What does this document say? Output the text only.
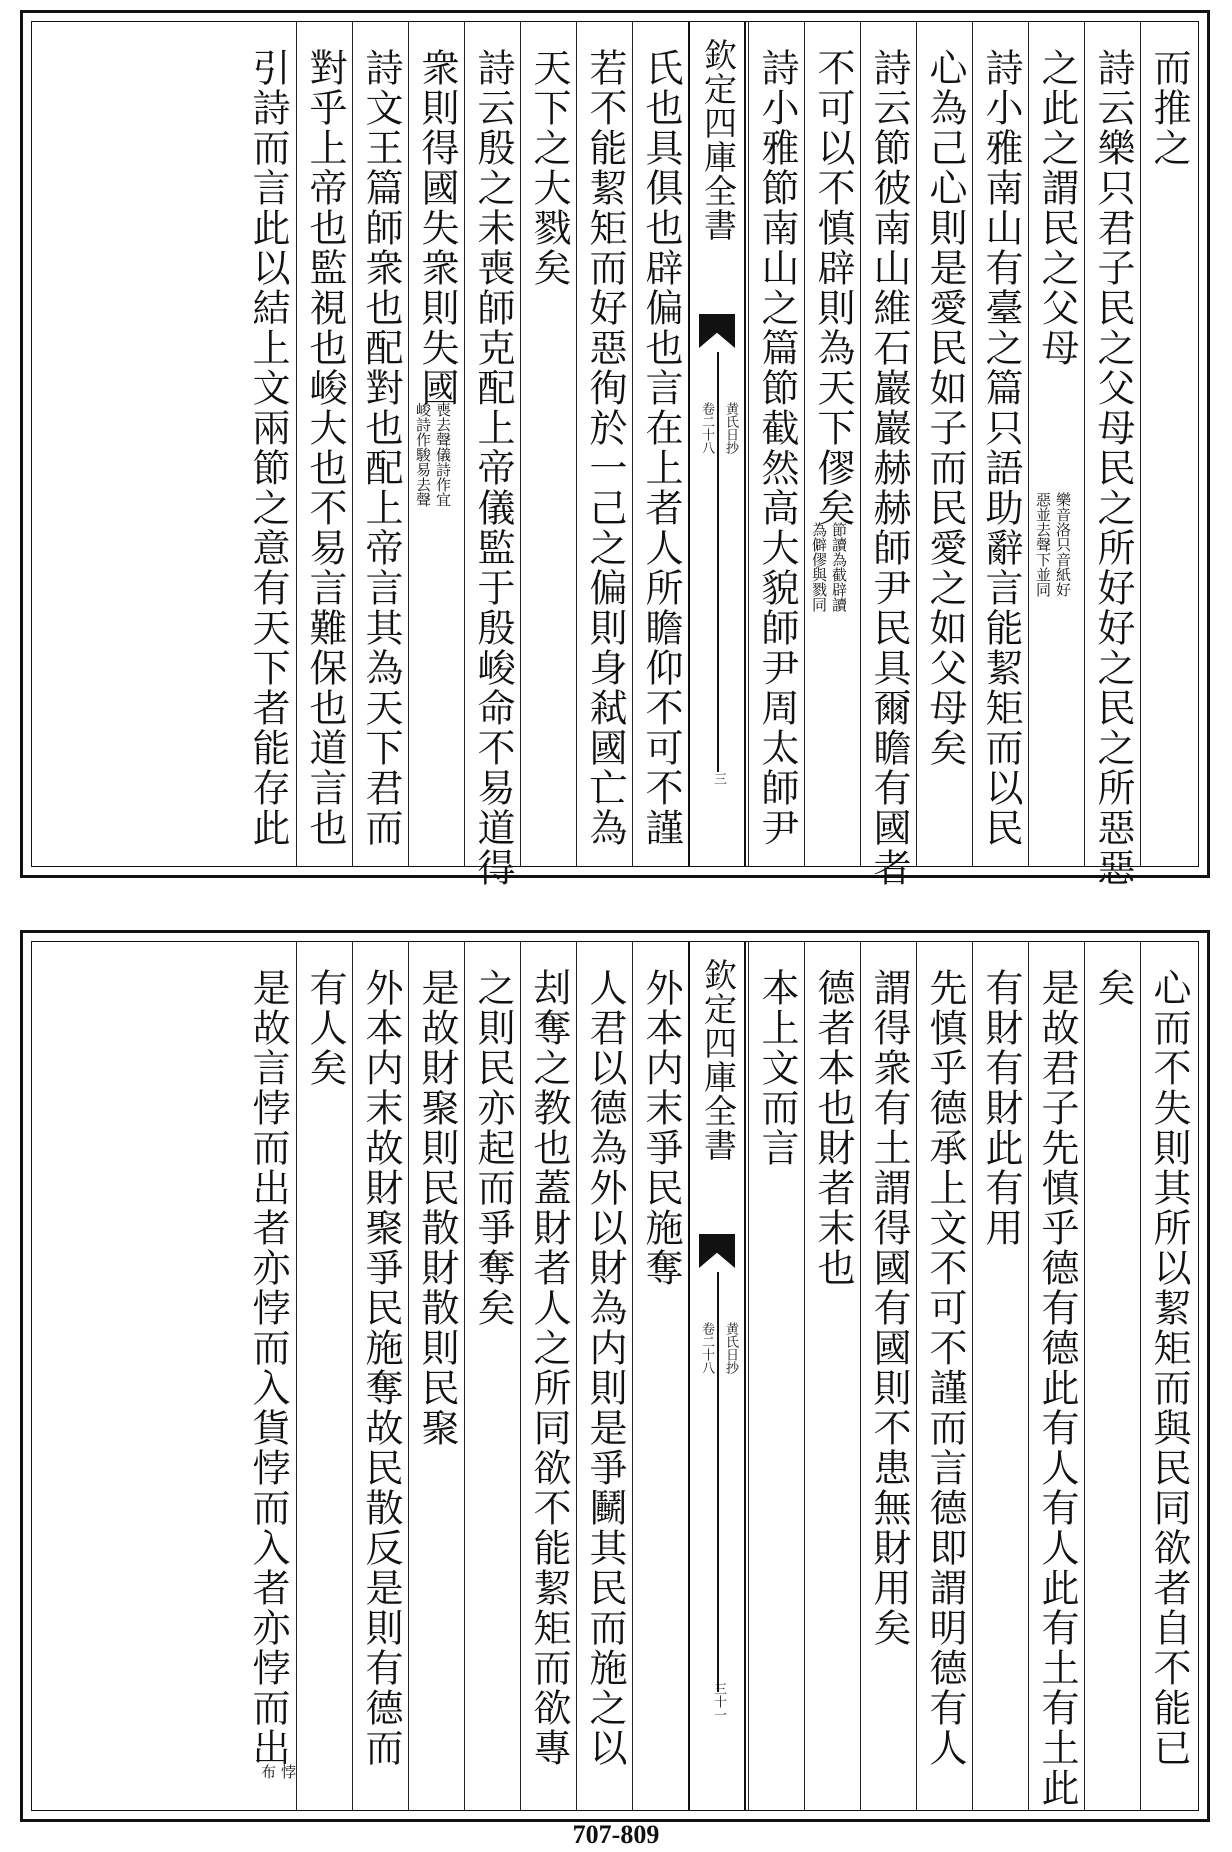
而推之
詩云樂只君子民之父母民之所好好之民之所惡惡
之此之謂民之父母
樂音洛只音紙好
惡並去聲下並同
詩小雅南山有臺之篇只語助辭言能絜矩而以民
心為己心則是愛民如子而民愛之如父母矣
詩云節彼南山維石巖巖赫赫師尹民具爾瞻有國者
不可以不慎辟則為天下僇矣
節讀為截辟讀
為僻僇與戮同
詩小雅節南山之篇節截然高大貌師尹周太師尹
欽定四庫全書
黄氏日抄
卷二十八
三
氏也具俱也辟偏也言在上者人所瞻仰不可不謹
若不能絜矩而好惡徇於一己之偏則身弒國亡為
天下之大戮矣
詩云殷之未喪師克配上帝儀監于殷峻命不易道得
衆則得國失衆則失國
喪去聲儀詩作宜
峻詩作駿易去聲
詩文王篇師衆也配對也配上帝言其為天下君而
對乎上帝也監視也峻大也不易言難保也道言也
引詩而言此以結上文兩節之意有天下者能存此
心而不失則其所以絜矩而與民同欲者自不能已
矣
是故君子先慎乎德有德此有人有人此有土有土此
有財有財此有用
先慎乎德承上文不可不謹而言德即謂明德有人
謂得衆有土謂得國有國則不患無財用矣
德者本也財者末也
本上文而言
欽定四庫全書
黄氏日抄
卷二十八
三十一
外本内末爭民施奪
人君以德為外以財為内則是爭鬭其民而施之以
刦奪之教也蓋財者人之所同欲不能絜矩而欲專
之則民亦起而爭奪矣
是故財聚則民散財散則民聚
外本内末故財聚爭民施奪故民散反是則有德而
有人矣
是故言悖而出者亦悖而入貨悖而入者亦悖而出
悖
布
707-809
